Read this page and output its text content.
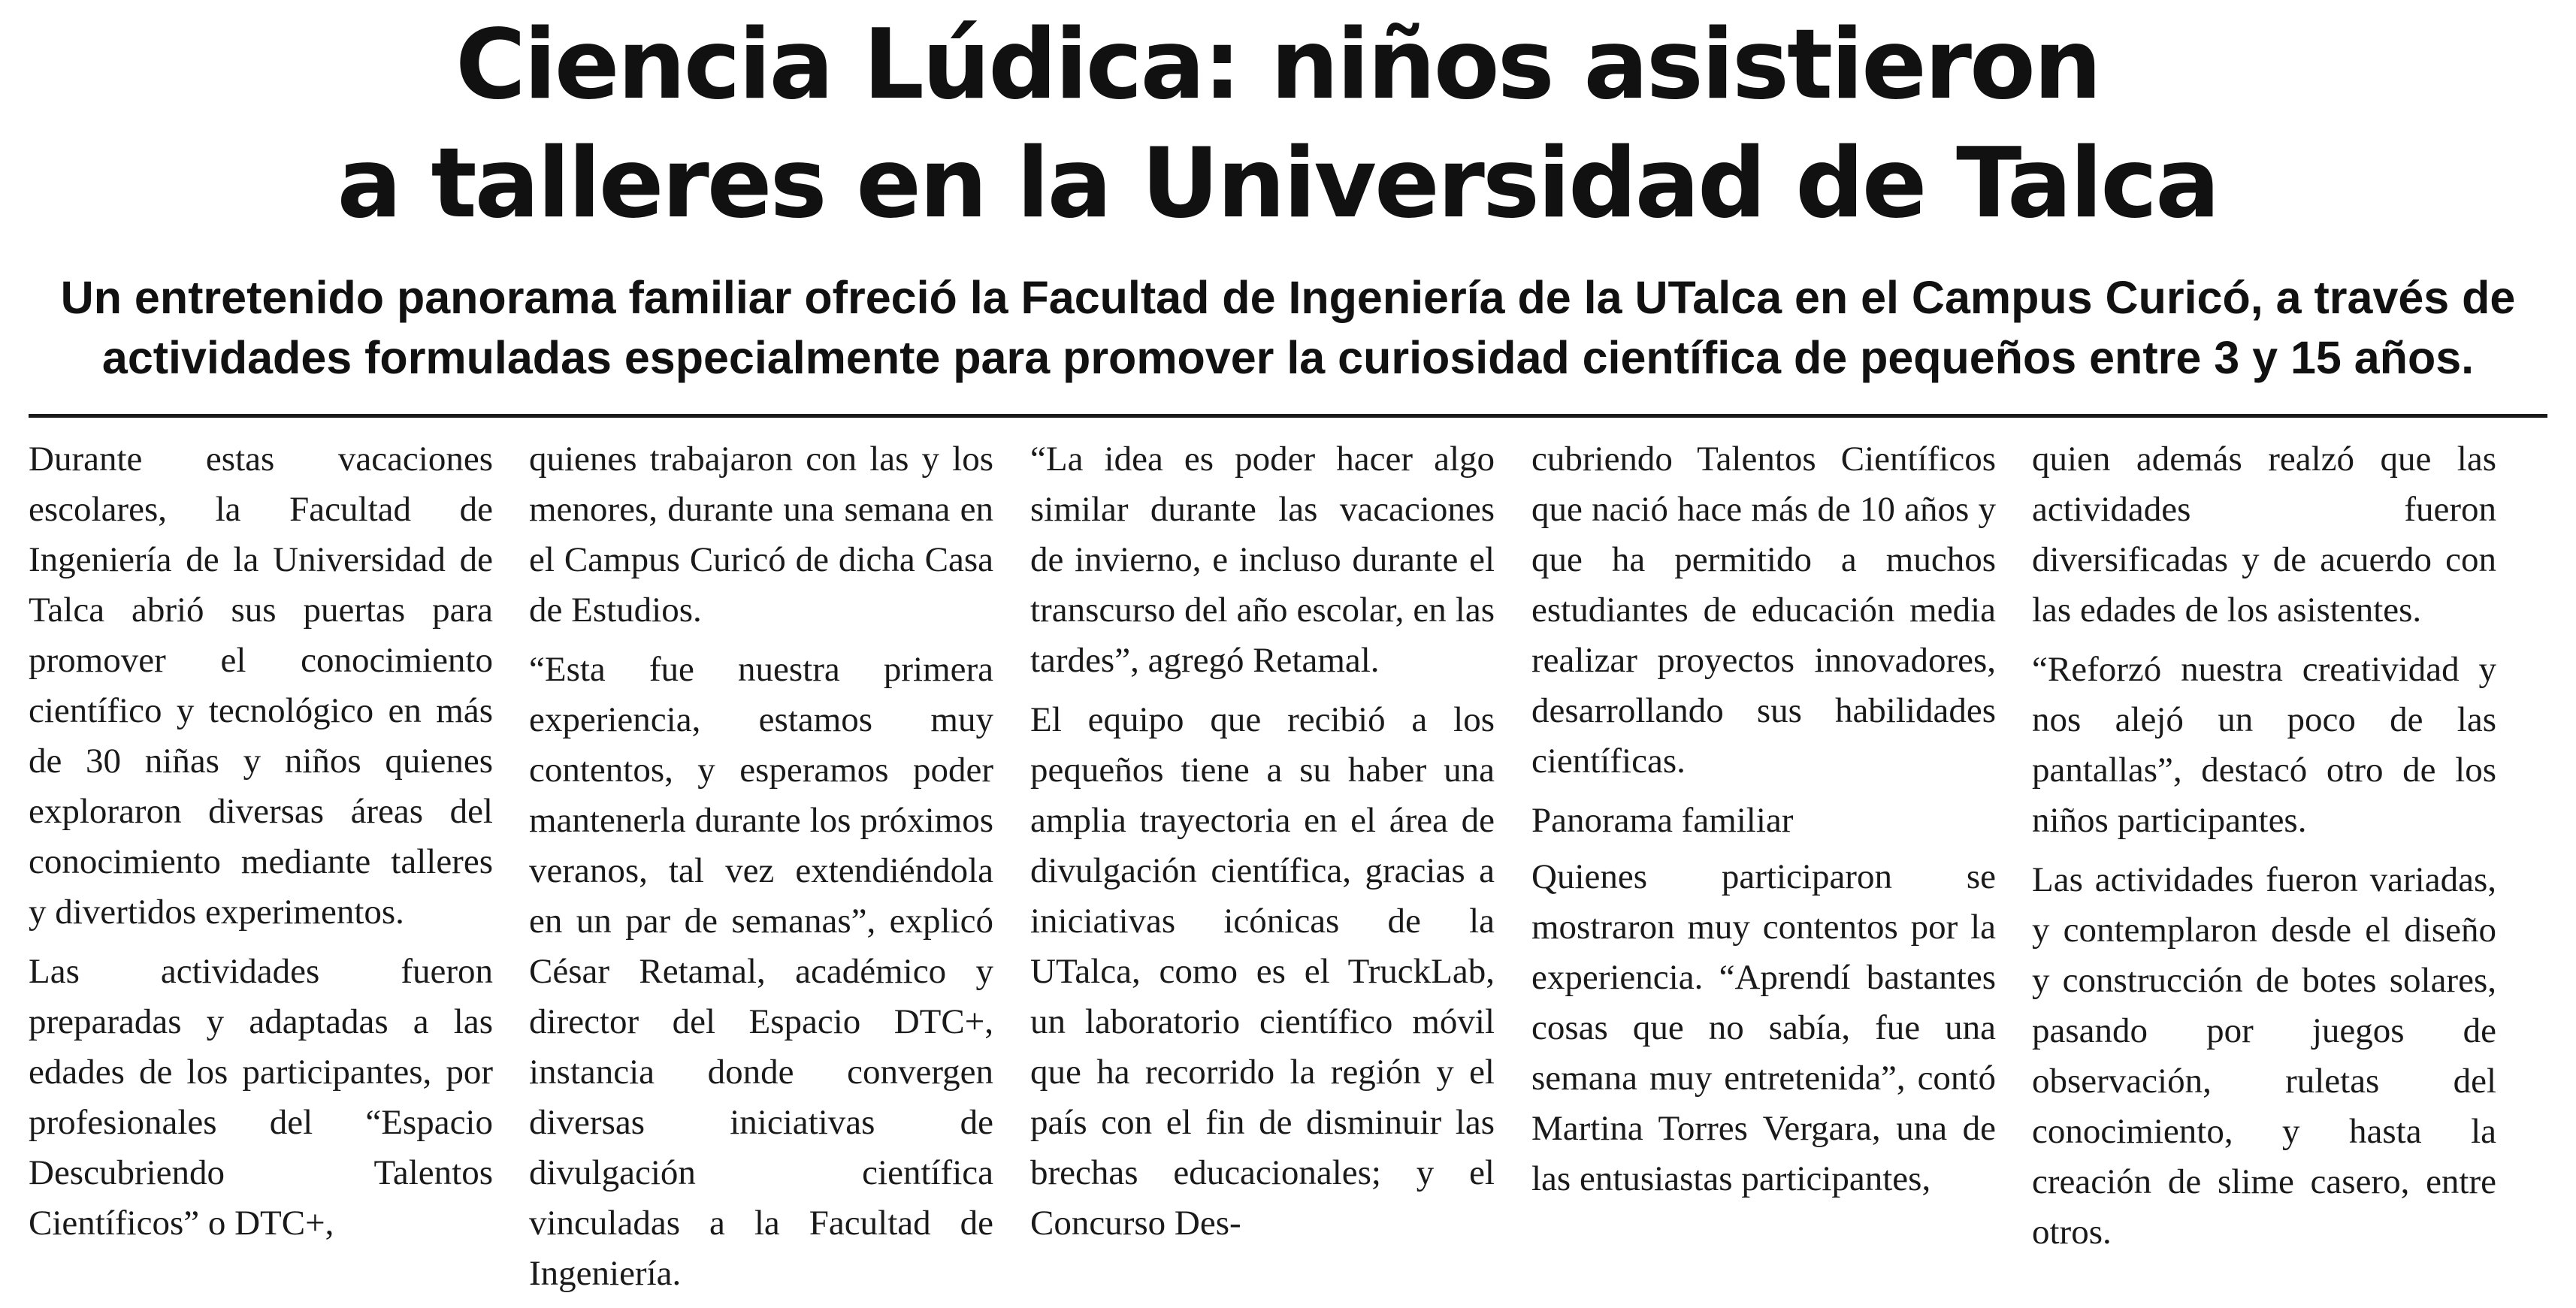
Ciencia Lúdica: niños asistieron
a talleres en la Universidad de Talca
Un entretenido panorama familiar ofreció la Facultad de Ingeniería de la UTalca en el Campus Curicó, a través de
actividades formuladas especialmente para promover la curiosidad científica de pequeños entre 3 y 15 años.

Durante estas vacaciones escolares, la Facultad de Ingeniería de la Universidad de Talca abrió sus puertas para promover el conocimiento científico y tecnológico en más de 30 niñas y niños quienes exploraron diversas áreas del conocimiento mediante talleres y divertidos experimentos.

Las actividades fueron preparadas y adaptadas a las edades de los participantes, por profesionales del “Espacio Descubriendo Talentos Científicos” o DTC+,

quienes trabajaron con las y los menores, durante una semana en el Campus Curicó de dicha Casa de Estudios.

“Esta fue nuestra primera experiencia, estamos muy contentos, y esperamos poder mantenerla durante los próximos veranos, tal vez extendiéndola en un par de semanas”, explicó César Retamal, académico y director del Espacio DTC+, instancia donde convergen diversas iniciativas de divulgación científica vinculadas a la Facultad de Ingeniería.

“La idea es poder hacer algo similar durante las vacaciones de invierno, e incluso durante el transcurso del año escolar, en las tardes”, agregó Retamal.

El equipo que recibió a los pequeños tiene a su haber una amplia trayectoria en el área de divulgación científica, gracias a iniciativas icónicas de la UTalca, como es el TruckLab, un laboratorio científico móvil que ha recorrido la región y el país con el fin de disminuir las brechas educacionales; y el Concurso Des-

cubriendo Talentos Científicos que nació hace más de 10 años y que ha permitido a muchos estudiantes de educación media realizar proyectos innovadores, desarrollando sus habilidades científicas.

Panorama familiar

Quienes participaron se mostraron muy contentos por la experiencia. “Aprendí bastantes cosas que no sabía, fue una semana muy entretenida”, contó Martina Torres Vergara, una de las entusiastas participantes,

quien además realzó que las actividades fueron diversificadas y de acuerdo con las edades de los asistentes.

“Reforzó nuestra creatividad y nos alejó un poco de las pantallas”, destacó otro de los niños participantes.

Las actividades fueron variadas, y contemplaron desde el diseño y construcción de botes solares, pasando por juegos de observación, ruletas del conocimiento, y hasta la creación de slime casero, entre otros.
